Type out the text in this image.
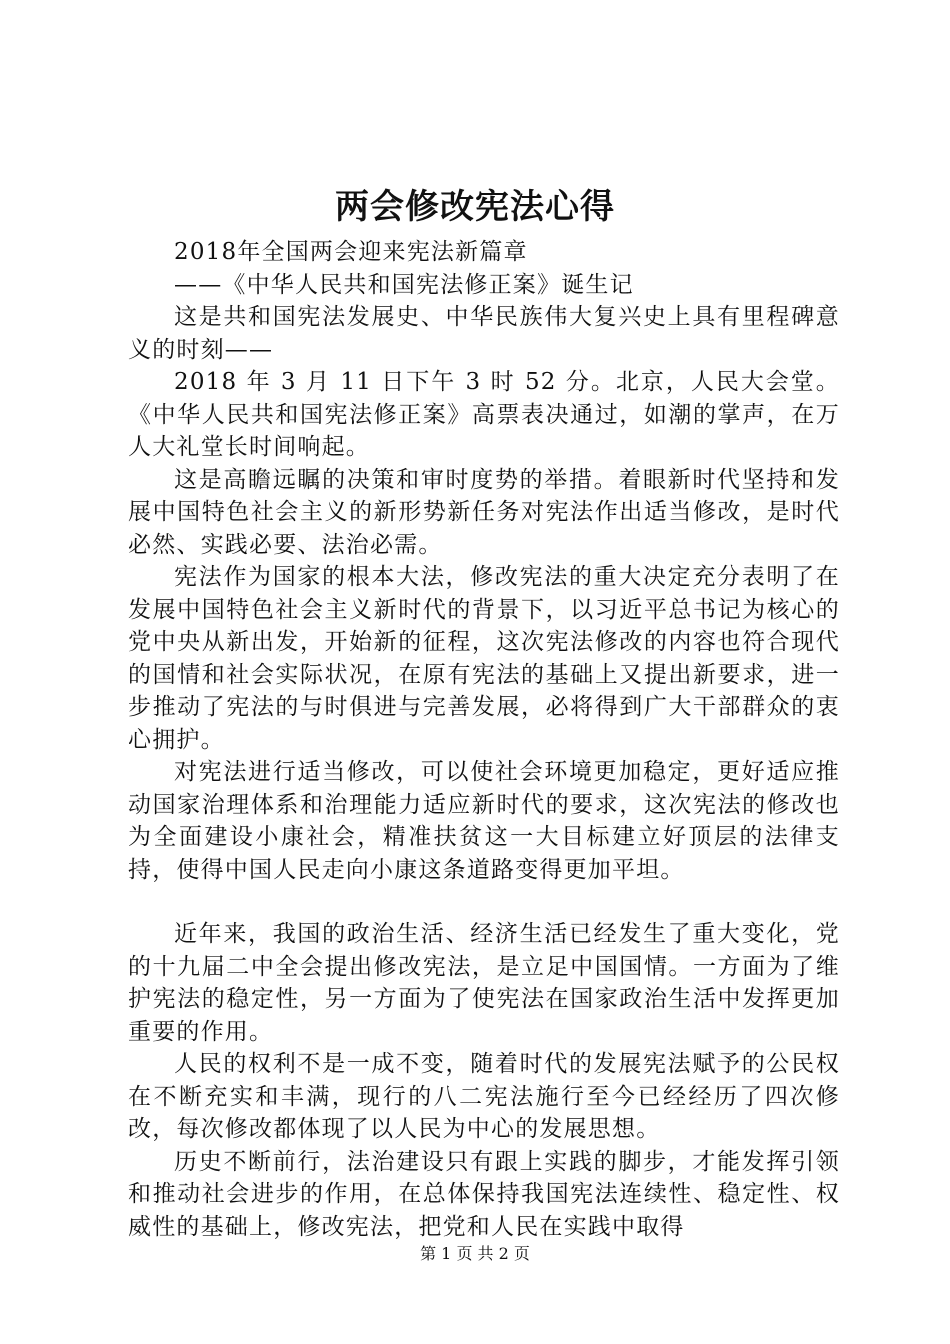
两会修改宪法心得

2018年全国两会迎来宪法新篇章

——《中华人民共和国宪法修正案》诞生记

这是共和国宪法发展史、中华民族伟大复兴史上具有里程碑意义的时刻——

2018 年 3 月 11 日下午 3 时 52 分。北京，人民大会堂。《中华人民共和国宪法修正案》高票表决通过，如潮的掌声，在万人大礼堂长时间响起。

这是高瞻远瞩的决策和审时度势的举措。着眼新时代坚持和发展中国特色社会主义的新形势新任务对宪法作出适当修改，是时代必然、实践必要、法治必需。

宪法作为国家的根本大法，修改宪法的重大决定充分表明了在发展中国特色社会主义新时代的背景下，以习近平总书记为核心的党中央从新出发，开始新的征程，这次宪法修改的内容也符合现代的国情和社会实际状况，在原有宪法的基础上又提出新要求，进一步推动了宪法的与时俱进与完善发展，必将得到广大干部群众的衷心拥护。

对宪法进行适当修改，可以使社会环境更加稳定，更好适应推动国家治理体系和治理能力适应新时代的要求，这次宪法的修改也为全面建设小康社会，精准扶贫这一大目标建立好顶层的法律支持，使得中国人民走向小康这条道路变得更加平坦。

近年来，我国的政治生活、经济生活已经发生了重大变化，党的十九届二中全会提出修改宪法，是立足中国国情。一方面为了维护宪法的稳定性，另一方面为了使宪法在国家政治生活中发挥更加重要的作用。

人民的权利不是一成不变，随着时代的发展宪法赋予的公民权在不断充实和丰满，现行的八二宪法施行至今已经经历了四次修改，每次修改都体现了以人民为中心的发展思想。

历史不断前行，法治建设只有跟上实践的脚步，才能发挥引领和推动社会进步的作用，在总体保持我国宪法连续性、稳定性、权威性的基础上，修改宪法，把党和人民在实践中取得

第 1 页 共 2 页
